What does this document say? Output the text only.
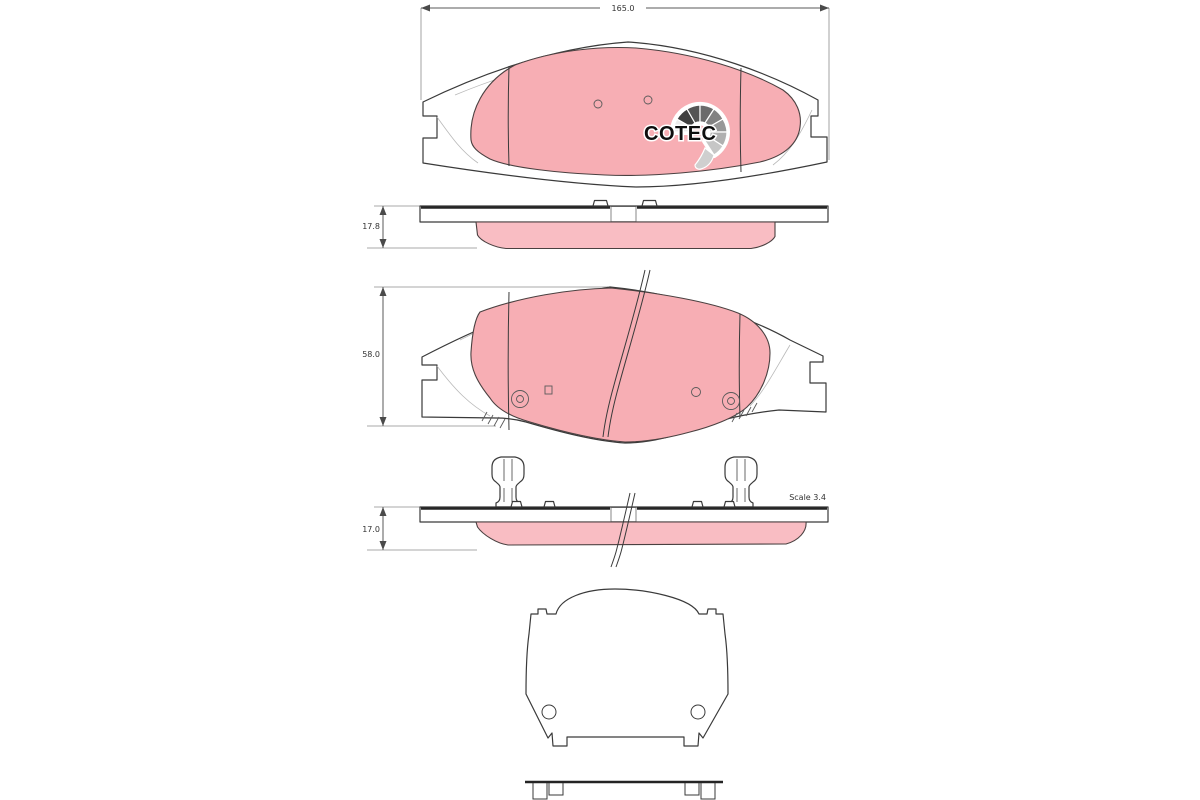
165.0
COTEC
17.8
58.0
17.0
Scale 3.4
